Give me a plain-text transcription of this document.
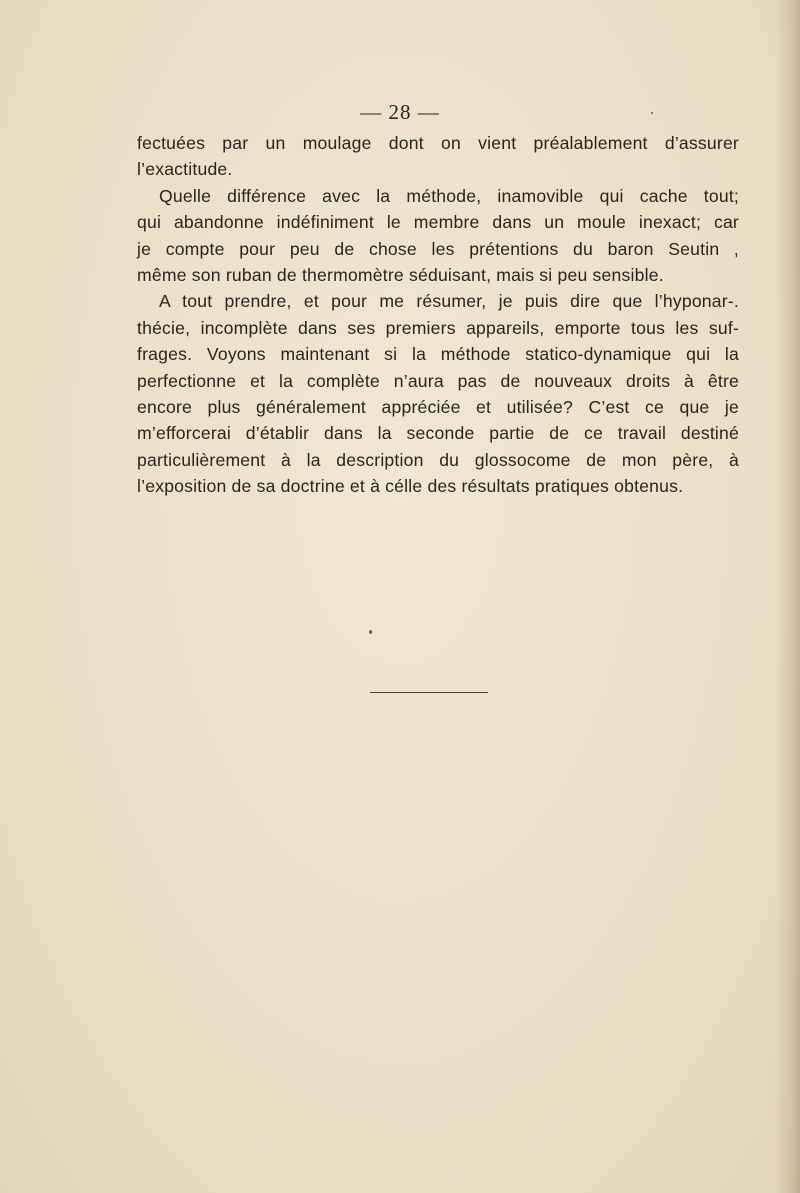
— 28 —
fectuées par un moulage dont on vient préalablement d’assurer
l’exactitude.
Quelle différence avec la méthode, inamovible qui cache tout;
qui abandonne indéfiniment le membre dans un moule inexact; car
je compte pour peu de chose les prétentions du baron Seutin ,
même son ruban de thermomètre séduisant, mais si peu sensible.
A tout prendre, et pour me résumer, je puis dire que l’hyponar-.
thécie, incomplète dans ses premiers appareils, emporte tous les suf-
frages. Voyons maintenant si la méthode statico-dynamique qui la
perfectionne et la complète n’aura pas de nouveaux droits à être
encore plus généralement appréciée et utilisée? C’est ce que je
m’efforcerai d’établir dans la seconde partie de ce travail destiné
particulièrement à la description du glossocome de mon père, à
l’exposition de sa doctrine et à célle des résultats pratiques obtenus.
